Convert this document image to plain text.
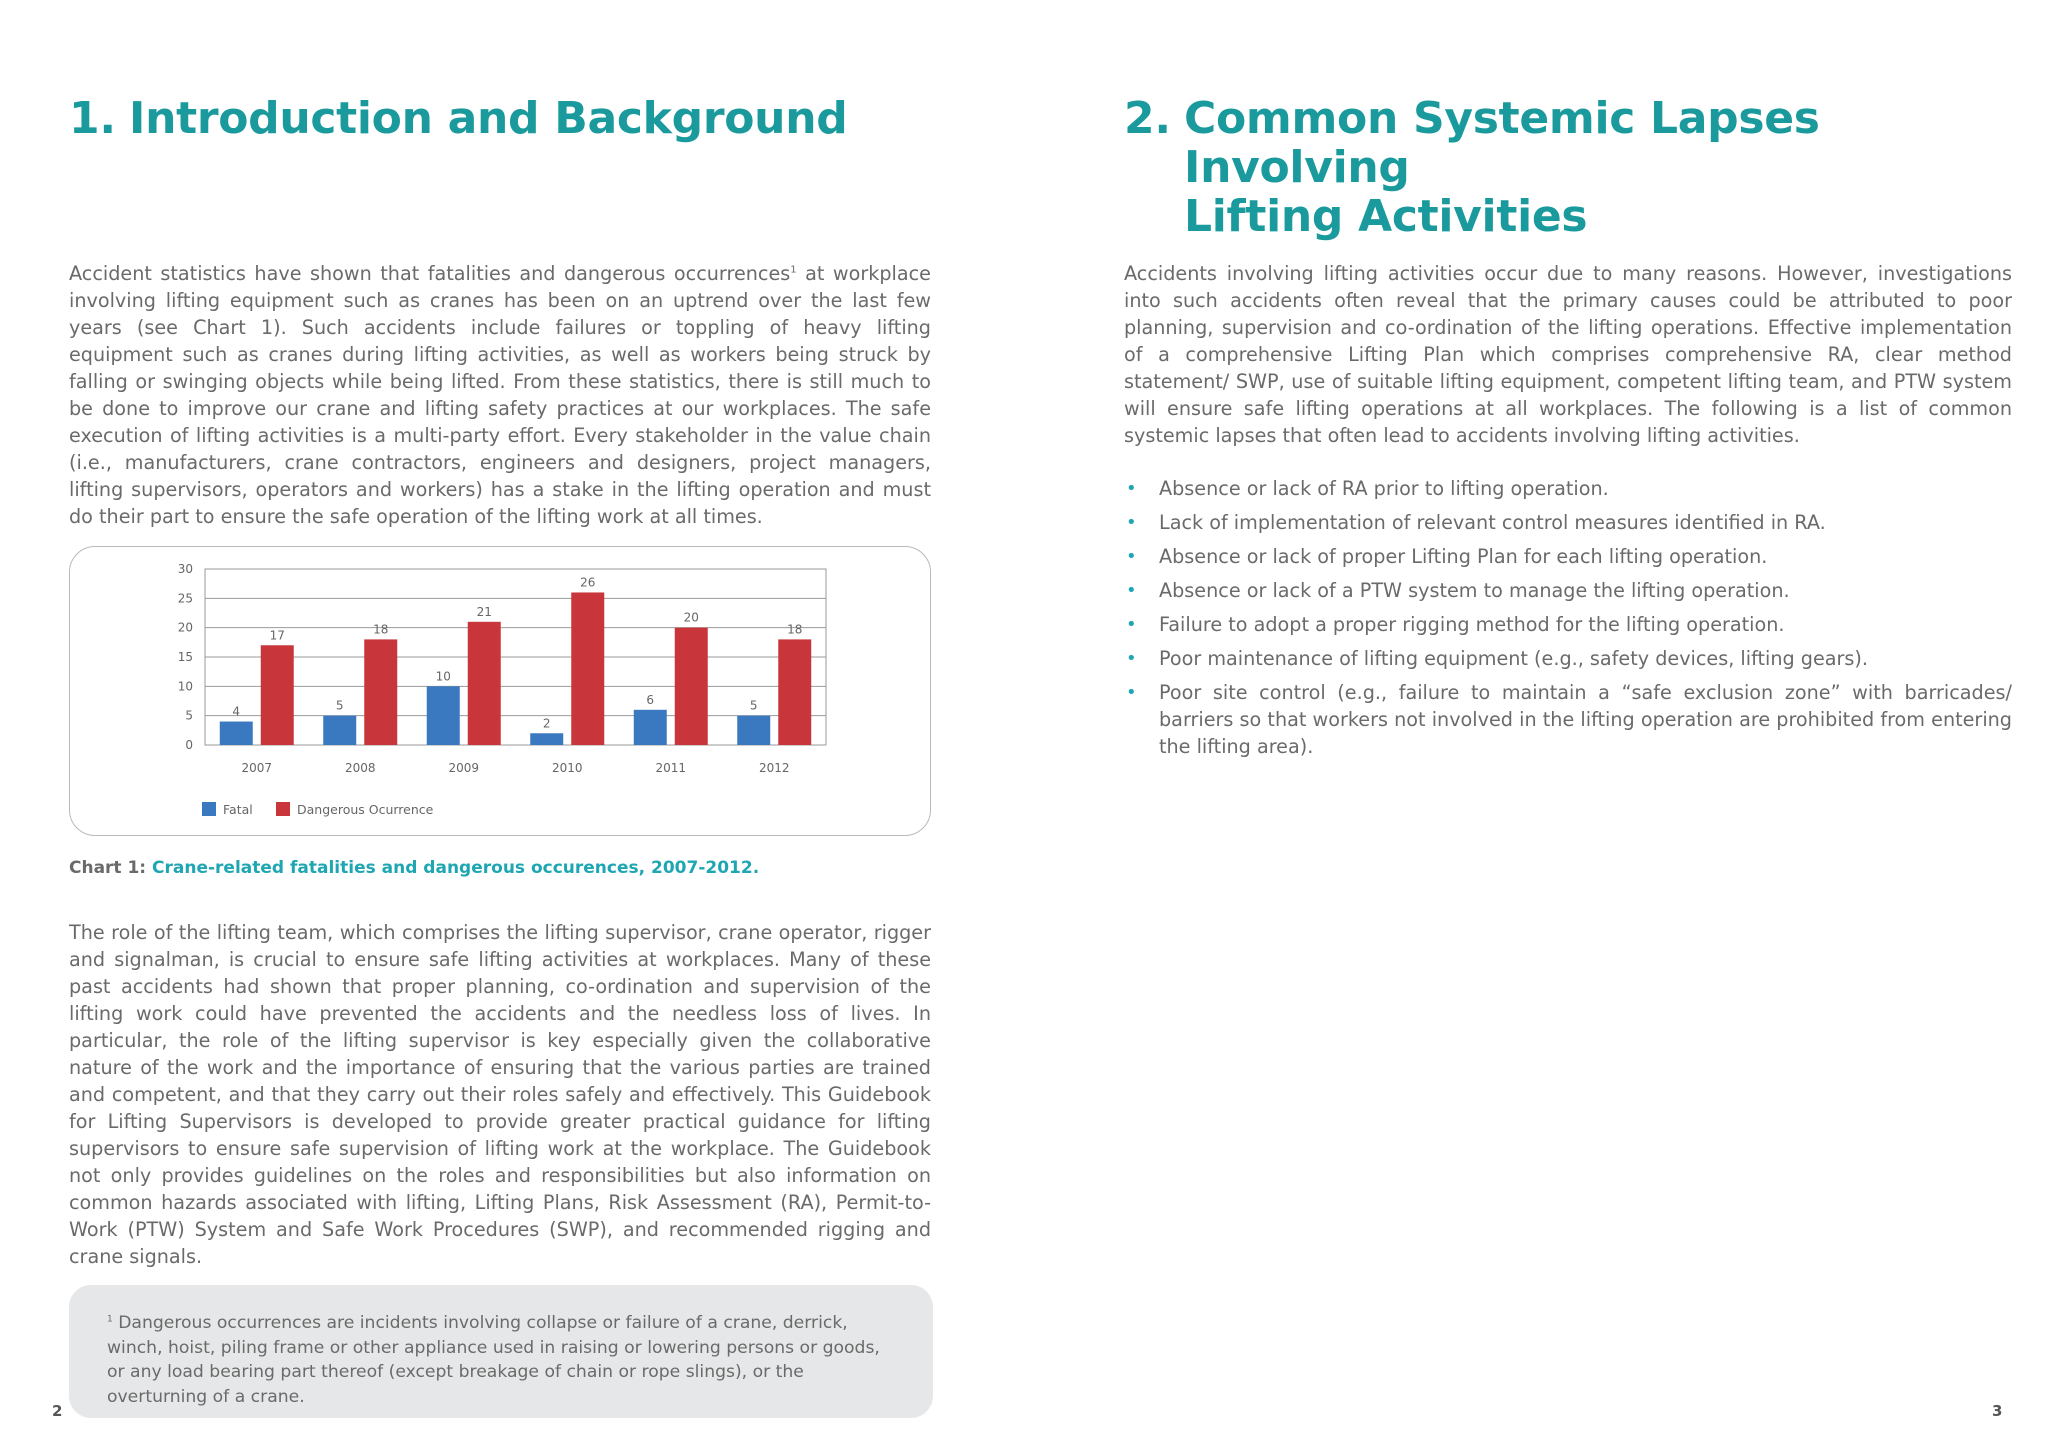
1. Introduction and Background

Accident statistics have shown that fatalities and dangerous occurrences$^1$ at workplace involving lifting equipment such as cranes has been on an uptrend over the last few years (see Chart 1). Such accidents include failures or toppling of heavy lifting equipment such as cranes during lifting activities, as well as workers being struck by falling or swinging objects while being lifted. From these statistics, there is still much to be done to improve our crane and lifting safety practices at our workplaces. The safe execution of lifting activities is a multi-party effort. Every stakeholder in the value chain (i.e., manufacturers, crane contractors, engineers and designers, project managers, lifting supervisors, operators and workers) has a stake in the lifting operation and must do their part to ensure the safe operation of the lifting work at all times.

0
5
10
15
20
25
30
4
17
2007
5
18
2008
10
21
2009
2
26
2010
6
20
2011
5
18
2012
Fatal	Dangerous Ocurrence

Chart 1: Crane-related fatalities and dangerous occurences, 2007-2012.

The role of the lifting team, which comprises the lifting supervisor, crane operator, rigger and signalman, is crucial to ensure safe lifting activities at workplaces. Many of these past accidents had shown that proper planning, co-ordination and supervision of the lifting work could have prevented the accidents and the needless loss of lives. In particular, the role of the lifting supervisor is key especially given the collaborative nature of the work and the importance of ensuring that the various parties are trained and competent, and that they carry out their roles safely and effectively. This Guidebook for Lifting Supervisors is developed to provide greater practical guidance for lifting supervisors to ensure safe supervision of lifting work at the workplace. The Guidebook not only provides guidelines on the roles and responsibilities but also information on common hazards associated with lifting, Lifting Plans, Risk Assessment (RA), Permit-to-Work (PTW) System and Safe Work Procedures (SWP), and recommended rigging and crane signals.

$^1$ Dangerous occurrences are incidents involving collapse or failure of a crane, derrick, winch, hoist, piling frame or other appliance used in raising or lowering persons or goods, or any load bearing part thereof (except breakage of chain or rope slings), or the overturning of a crane.

2
2. Common Systemic Lapses Involving
Lifting Activities

Accidents involving lifting activities occur due to many reasons. However, investigations into such accidents often reveal that the primary causes could be attributed to poor planning, supervision and co-ordination of the lifting operations. Effective implementation of a comprehensive Lifting Plan which comprises comprehensive RA, clear method statement/ SWP, use of suitable lifting equipment, competent lifting team, and PTW system will ensure safe lifting operations at all workplaces. The following is a list of common systemic lapses that often lead to accidents involving lifting activities.

• Absence or lack of RA prior to lifting operation.
• Lack of implementation of relevant control measures identified in RA.
• Absence or lack of proper Lifting Plan for each lifting operation.
• Absence or lack of a PTW system to manage the lifting operation.
• Failure to adopt a proper rigging method for the lifting operation.
• Poor maintenance of lifting equipment (e.g., safety devices, lifting gears).
• Poor site control (e.g., failure to maintain a “safe exclusion zone” with barricades/ barriers so that workers not involved in the lifting operation are prohibited from entering the lifting area).
3
